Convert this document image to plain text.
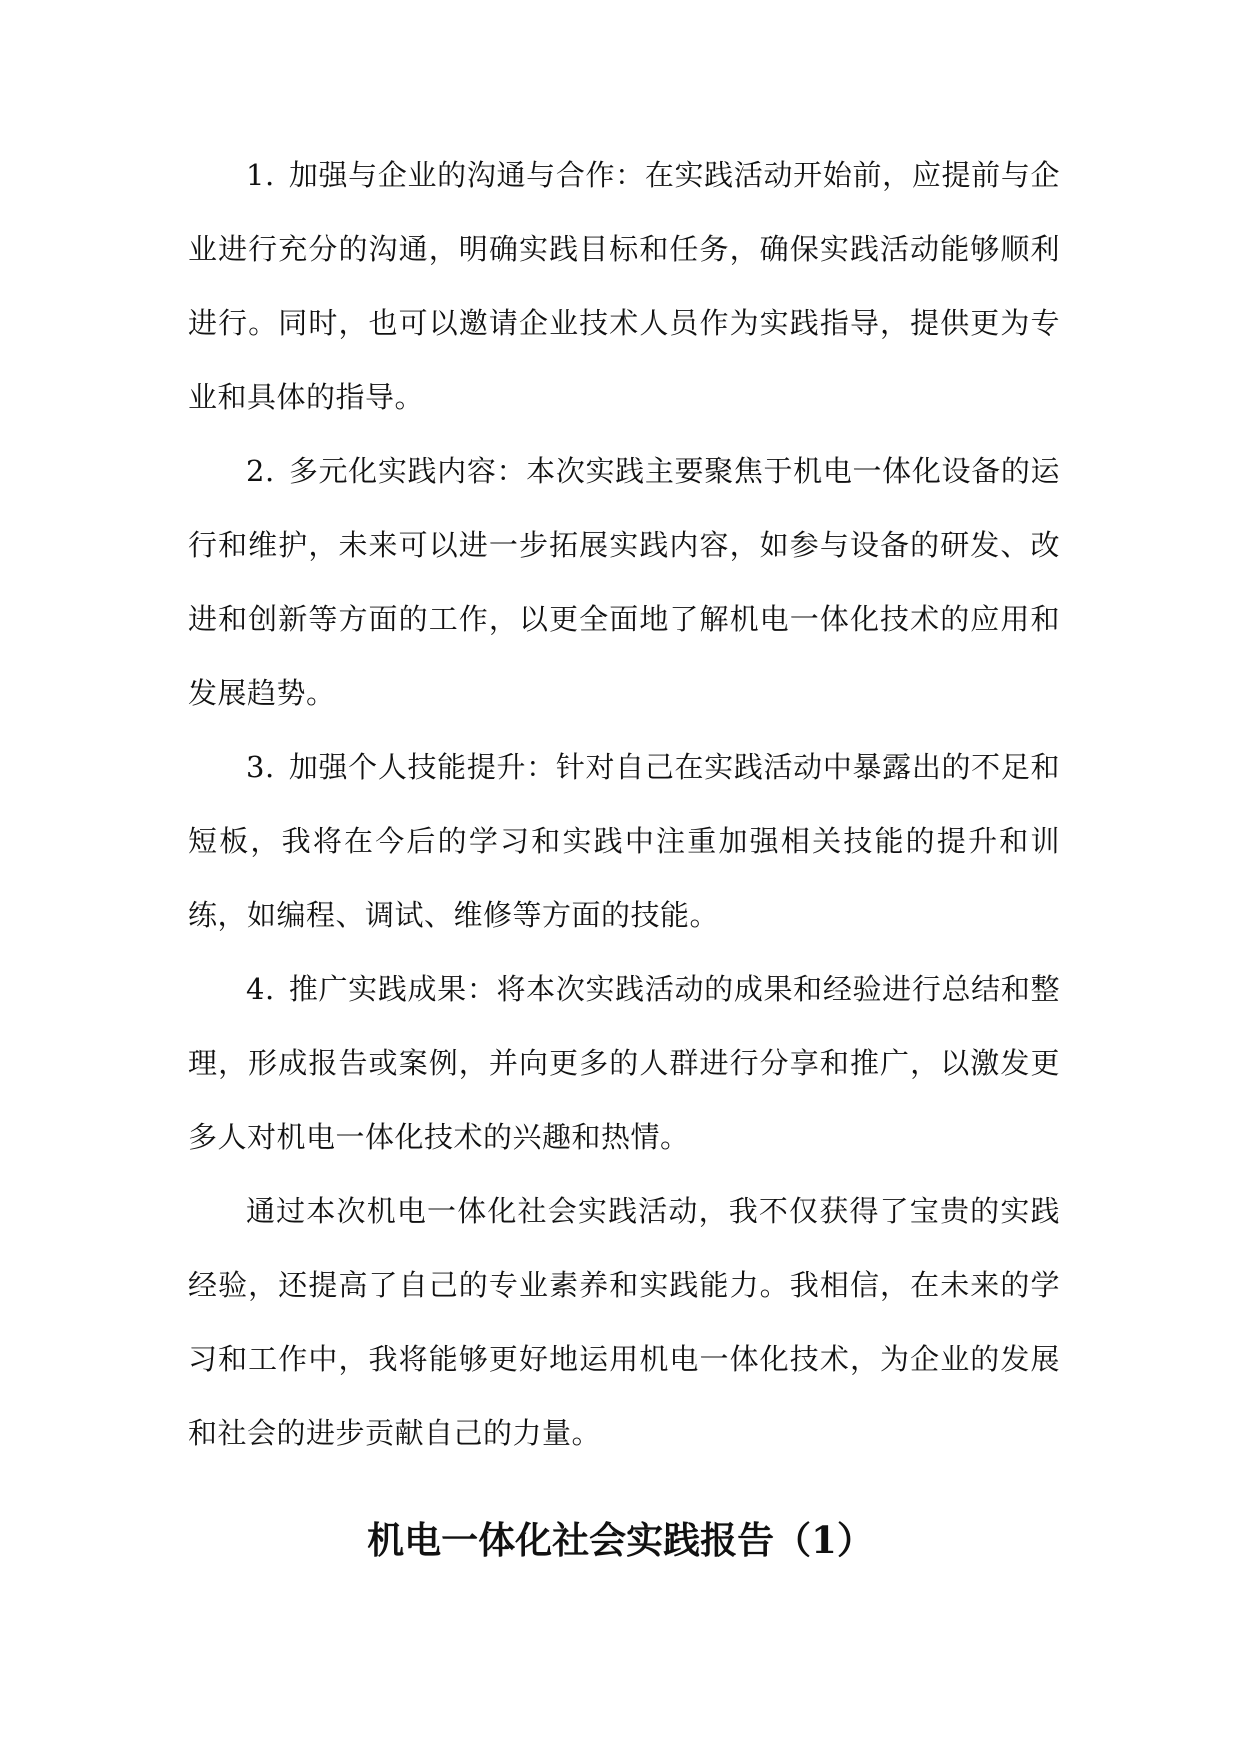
1. 加强与企业的沟通与合作：在实践活动开始前，应提前与企业进行充分的沟通，明确实践目标和任务，确保实践活动能够顺利进行。同时，也可以邀请企业技术人员作为实践指导，提供更为专业和具体的指导。

2. 多元化实践内容：本次实践主要聚焦于机电一体化设备的运行和维护，未来可以进一步拓展实践内容，如参与设备的研发、改进和创新等方面的工作，以更全面地了解机电一体化技术的应用和发展趋势。

3. 加强个人技能提升：针对自己在实践活动中暴露出的不足和短板，我将在今后的学习和实践中注重加强相关技能的提升和训练，如编程、调试、维修等方面的技能。

4. 推广实践成果：将本次实践活动的成果和经验进行总结和整理，形成报告或案例，并向更多的人群进行分享和推广，以激发更多人对机电一体化技术的兴趣和热情。

通过本次机电一体化社会实践活动，我不仅获得了宝贵的实践经验，还提高了自己的专业素养和实践能力。我相信，在未来的学习和工作中，我将能够更好地运用机电一体化技术，为企业的发展和社会的进步贡献自己的力量。

机电一体化社会实践报告（1）
